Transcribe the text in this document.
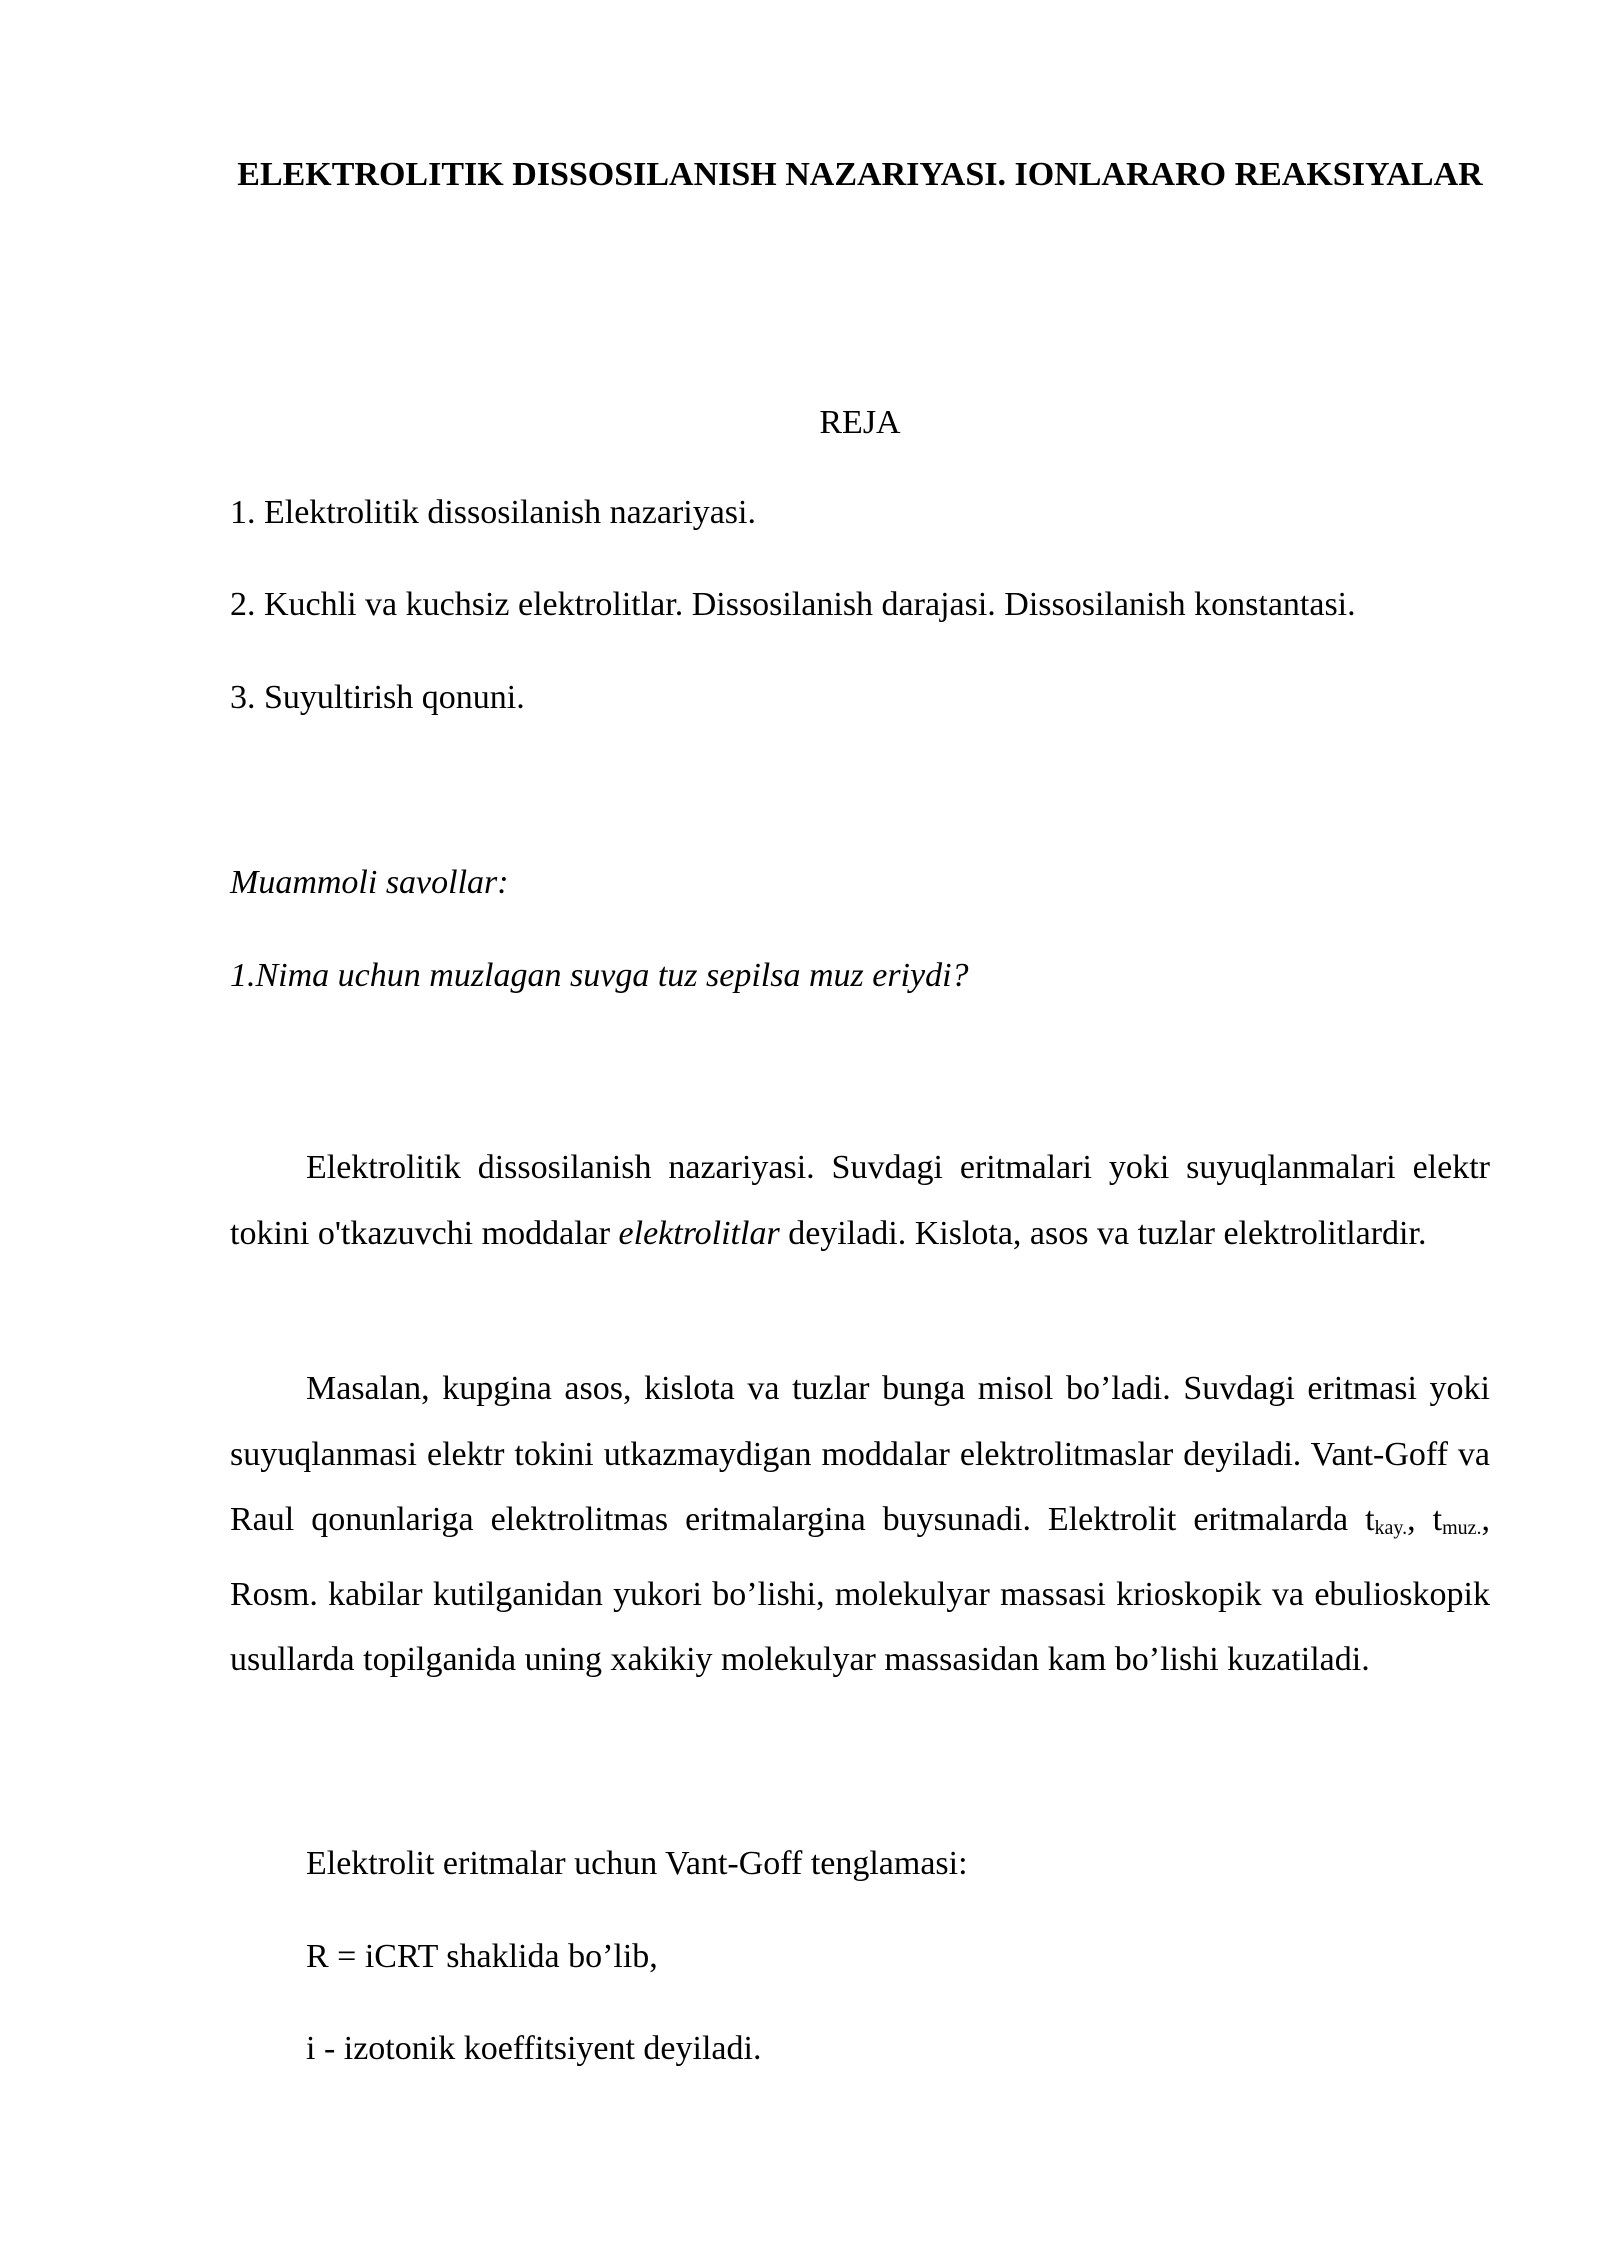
ELEKTROLITIK DISSOSILANISH NAZARIYASI. IONLARARO REAKSIYALAR
REJA
1. Elektrolitik dissosilanish nazariyasi.
2. Kuchli va kuchsiz elektrolitlar. Dissosilanish darajasi. Dissosilanish konstantasi.
3. Suyultirish qonuni.
Muammoli savollar:
1.Nima uchun muzlagan suvga tuz sepilsa muz eriydi?
Elektrolitik dissosilanish nazariyasi. Suvdagi eritmalari yoki suyuqlanmalari elektr tokini o'tkazuvchi moddalar elektrolitlar deyiladi. Kislota, asos va tuzlar elektrolitlardir.
Masalan, kupgina asos, kislota va tuzlar bunga misol bo’ladi. Suvdagi eritmasi yoki suyuqlanmasi elektr tokini utkazmaydigan moddalar elektrolitmaslar deyiladi. Vant-Goff va Raul qonunlariga elektrolitmas eritmalargina buysunadi. Elektrolit eritmalarda $t_{kay.}$, $t_{muz.}$, Rosm. kabilar kutilganidan yukori bo’lishi, molekulyar massasi krioskopik va ebulioskopik usullarda topilganida uning xakikiy molekulyar massasidan kam bo’lishi kuzatiladi.
Elektrolit eritmalar uchun Vant-Goff tenglamasi:
R = iCRT shaklida bo’lib,
i - izotonik koeffitsiyent deyiladi.
